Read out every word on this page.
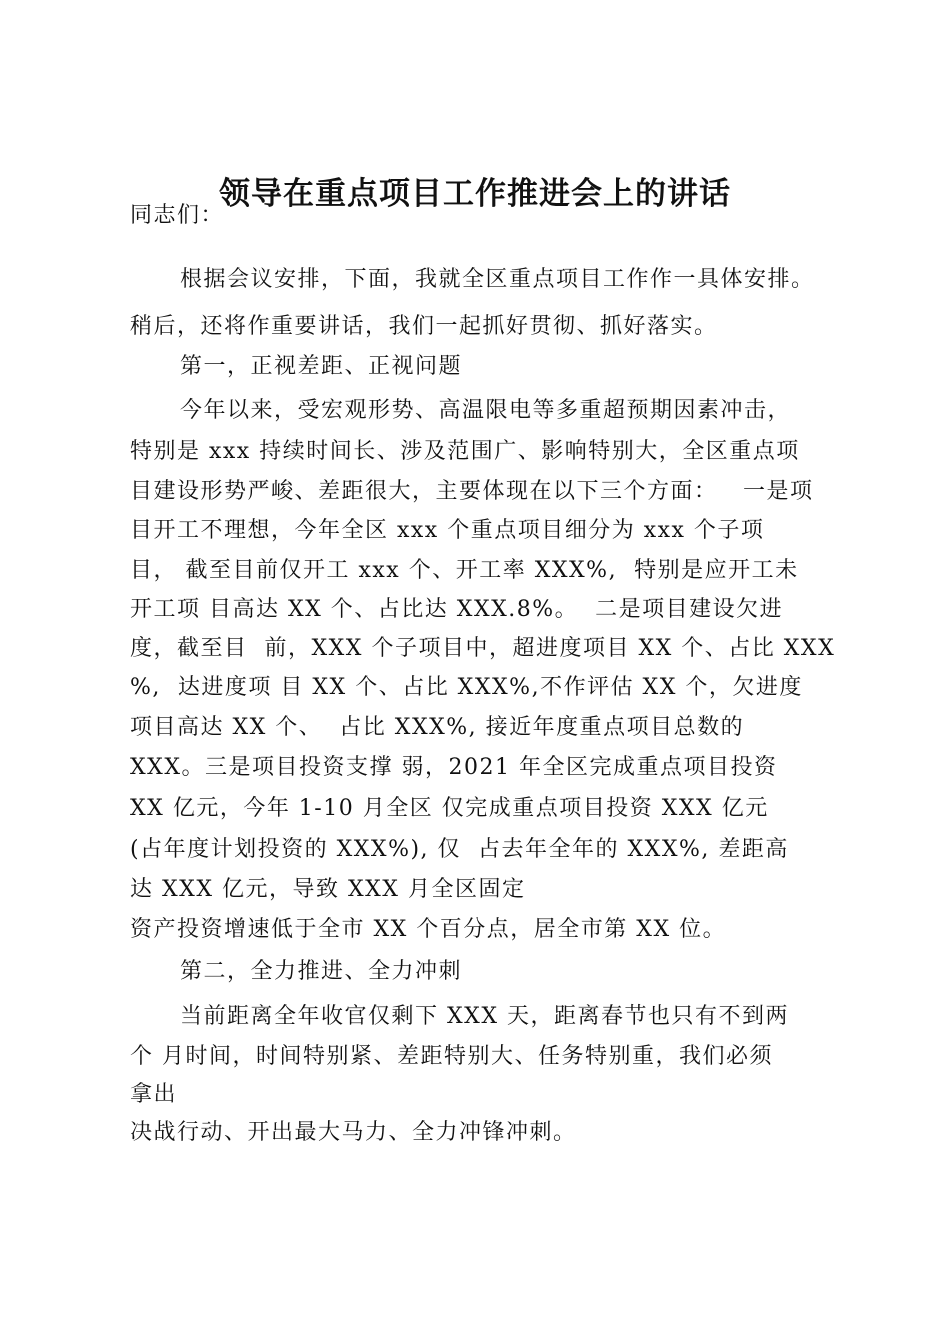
领导在重点项目工作推进会上的讲话
同志们：
根据会议安排，下面，我就全区重点项目工作作一具体安排。
稍后，还将作重要讲话，我们一起抓好贯彻、抓好落实。
第一，正视差距、正视问题
今年以来，受宏观形势、高温限电等多重超预期因素冲击，
特别是 xxx 持续时间长、涉及范围广、影响特别大，全区重点项
目建设形势严峻、差距很大，主要体现在以下三个方面：   一是项
目开工不理想，今年全区 xxx 个重点项目细分为 xxx 个子项
目， 截至目前仅开工 xxx 个、开工率 XXX%,  特别是应开工未
开工项 目高达 XX 个、占比达 XXX.8%。  二是项目建设欠进
度，截至目  前，XXX 个子项目中，超进度项目 XX 个、占比 XXX
%,  达进度项 目 XX 个、占比 XXX%,不作评估 XX 个，欠进度
项目高达 XX 个、  占比 XXX%, 接近年度重点项目总数的
XXX。三是项目投资支撑 弱，2021 年全区完成重点项目投资
XX 亿元，今年 1-10 月全区 仅完成重点项目投资 XXX 亿元
(占年度计划投资的 XXX%), 仅  占去年全年的 XXX%, 差距高
达 XXX 亿元，导致 XXX 月全区固定
资产投资增速低于全市 XX 个百分点，居全市第 XX 位。
第二，全力推进、全力冲刺
当前距离全年收官仅剩下 XXX 天，距离春节也只有不到两
个 月时间，时间特别紧、差距特别大、任务特别重，我们必须
拿出
决战行动、开出最大马力、全力冲锋冲刺。
